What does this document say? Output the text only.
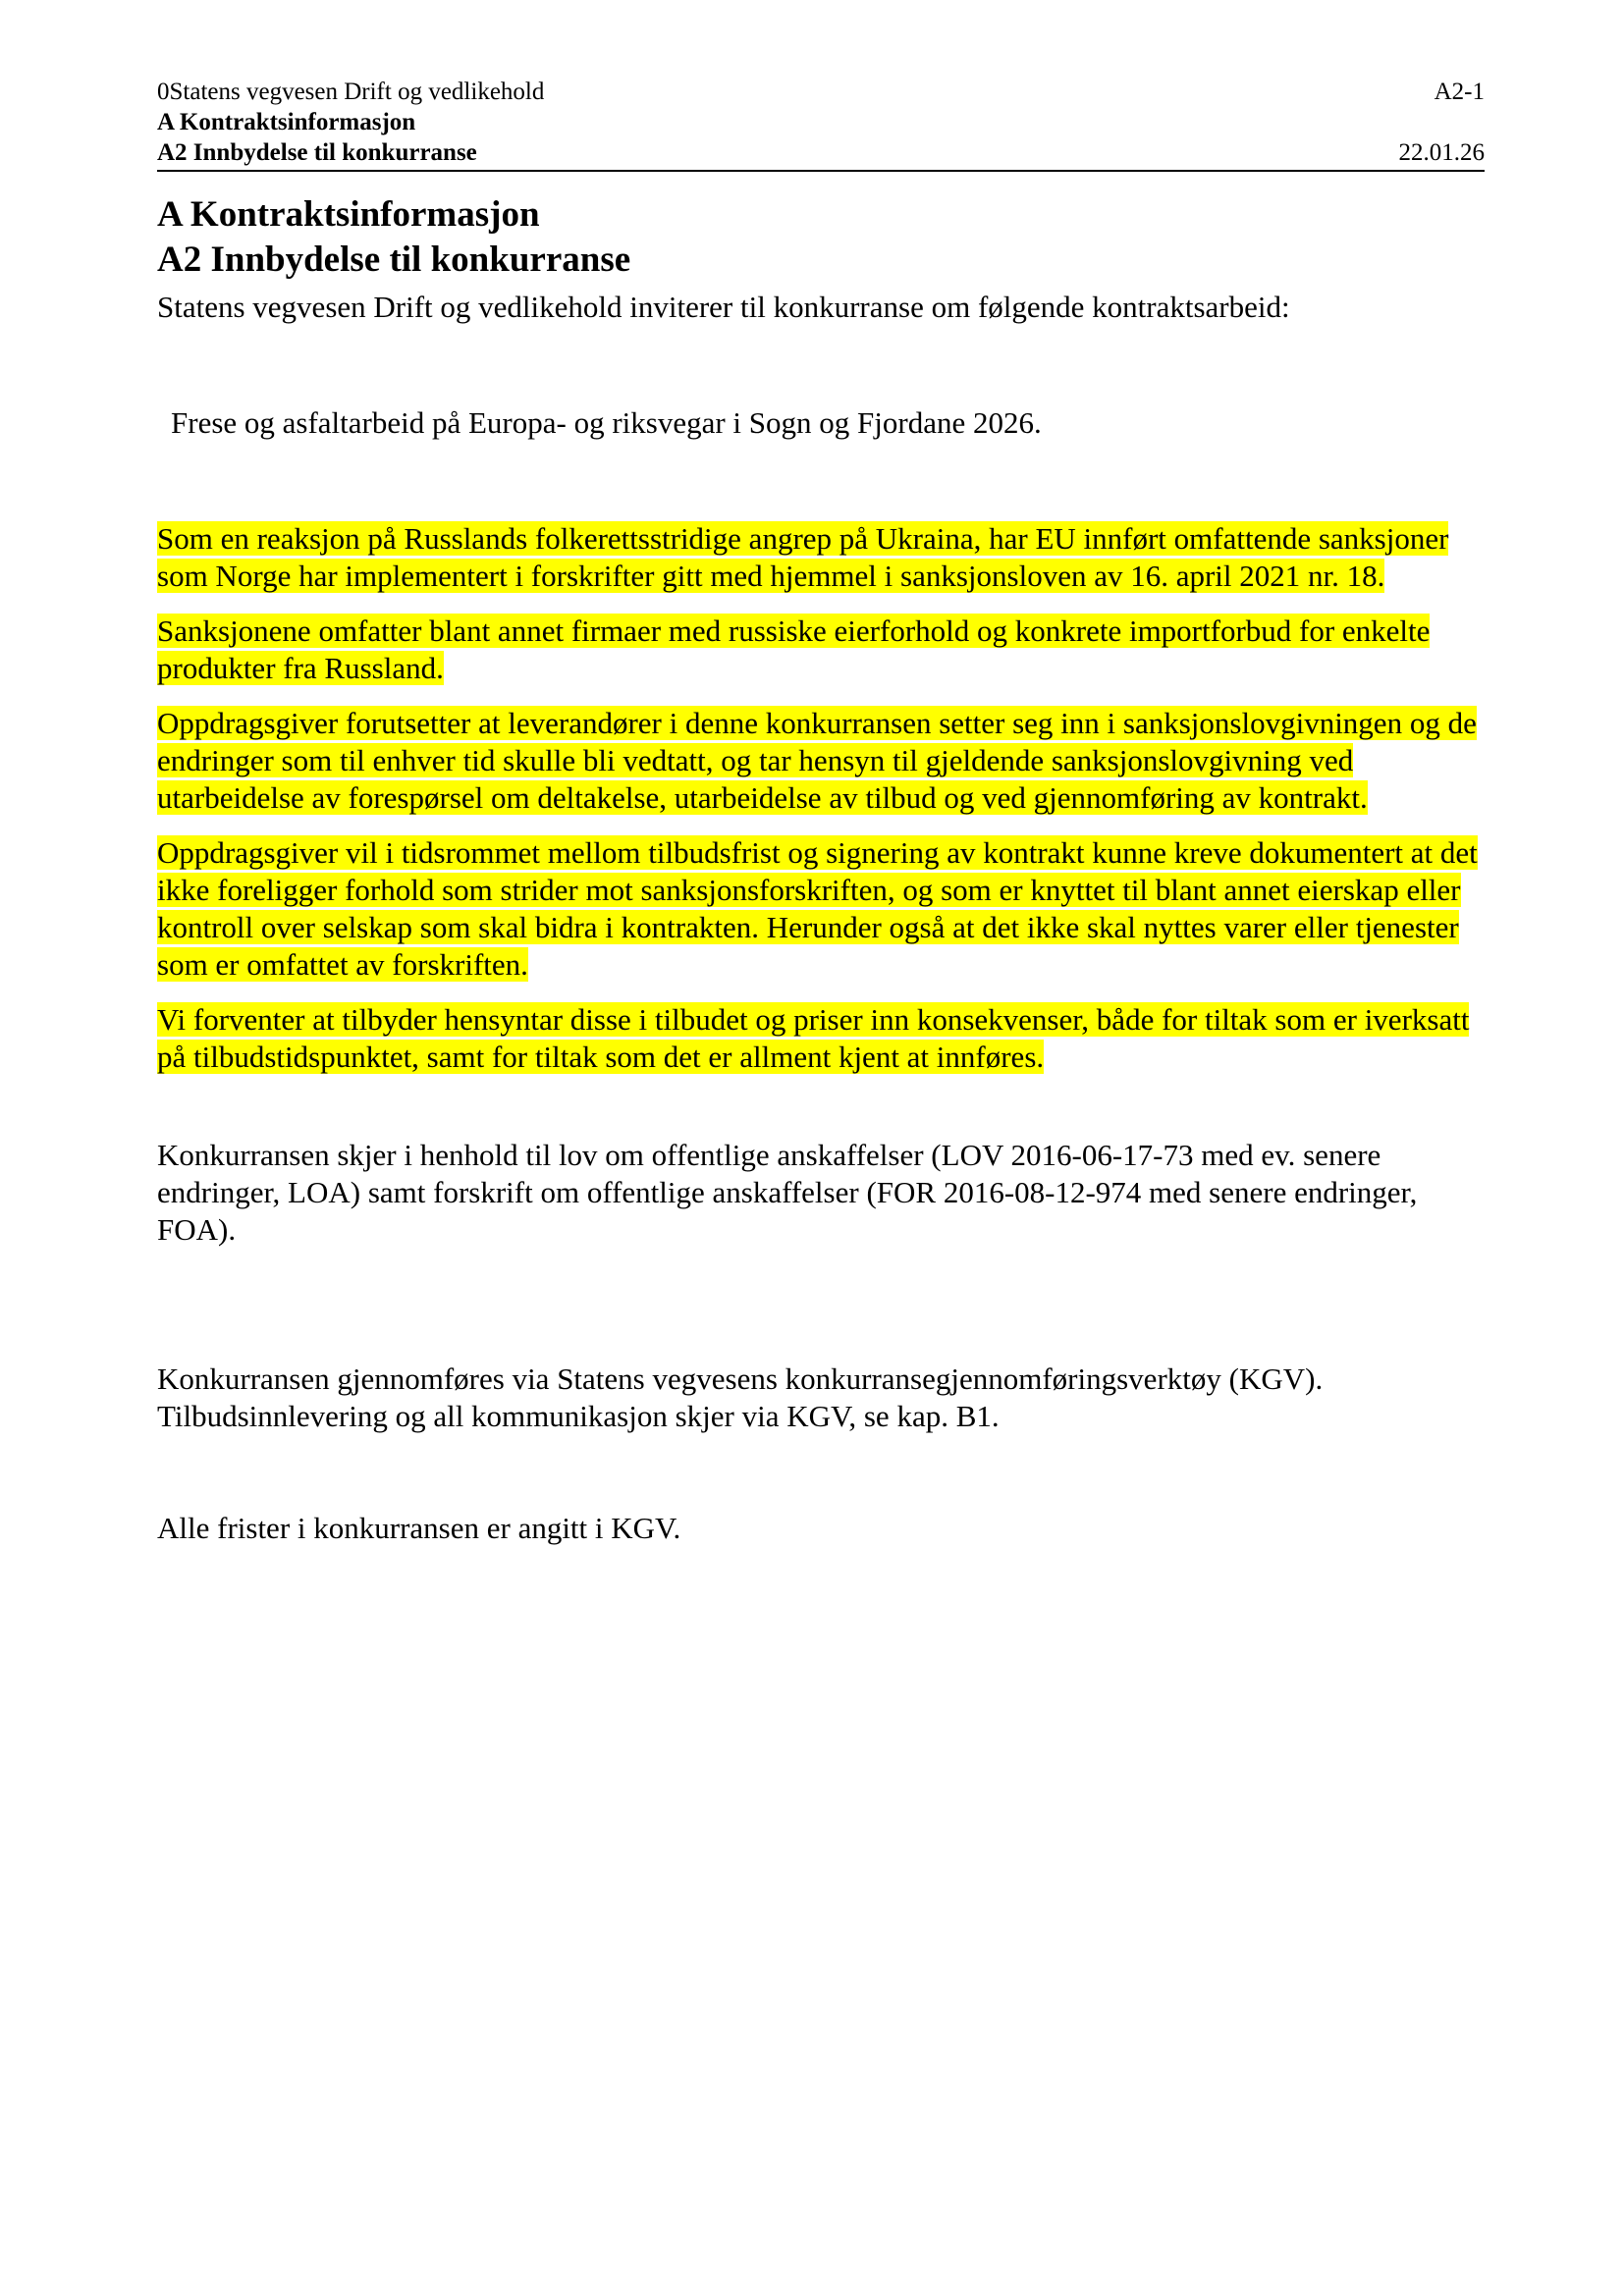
0Statens vegvesen Drift og vedlikehold	A2-1
A Kontraktsinformasjon
A2 Innbydelse til konkurranse	22.01.26
A Kontraktsinformasjon
A2 Innbydelse til konkurranse

Statens vegvesen Drift og vedlikehold inviterer til konkurranse om følgende kontraktsarbeid:

Frese og asfaltarbeid på Europa- og riksvegar i Sogn og Fjordane 2026.

Som en reaksjon på Russlands folkerettsstridige angrep på Ukraina, har EU innført omfattende sanksjoner som Norge har implementert i forskrifter gitt med hjemmel i sanksjonsloven av 16. april 2021 nr. 18.

Sanksjonene omfatter blant annet firmaer med russiske eierforhold og konkrete importforbud for enkelte produkter fra Russland.

Oppdragsgiver forutsetter at leverandører i denne konkurransen setter seg inn i sanksjonslovgivningen og de endringer som til enhver tid skulle bli vedtatt, og tar hensyn til gjeldende sanksjonslovgivning ved utarbeidelse av forespørsel om deltakelse, utarbeidelse av tilbud og ved gjennomføring av kontrakt.

Oppdragsgiver vil i tidsrommet mellom tilbudsfrist og signering av kontrakt kunne kreve dokumentert at det ikke foreligger forhold som strider mot sanksjonsforskriften, og som er knyttet til blant annet eierskap eller kontroll over selskap som skal bidra i kontrakten. Herunder også at det ikke skal nyttes varer eller tjenester som er omfattet av forskriften.

Vi forventer at tilbyder hensyntar disse i tilbudet og priser inn konsekvenser, både for tiltak som er iverksatt på tilbudstidspunktet, samt for tiltak som det er allment kjent at innføres.

Konkurransen skjer i henhold til lov om offentlige anskaffelser (LOV 2016-06-17-73 med ev. senere endringer, LOA) samt forskrift om offentlige anskaffelser (FOR 2016-08-12-974 med senere endringer, FOA).

Konkurransen gjennomføres via Statens vegvesens konkurransegjennomføringsverktøy (KGV). Tilbudsinnlevering og all kommunikasjon skjer via KGV, se kap. B1.

Alle frister i konkurransen er angitt i KGV.
